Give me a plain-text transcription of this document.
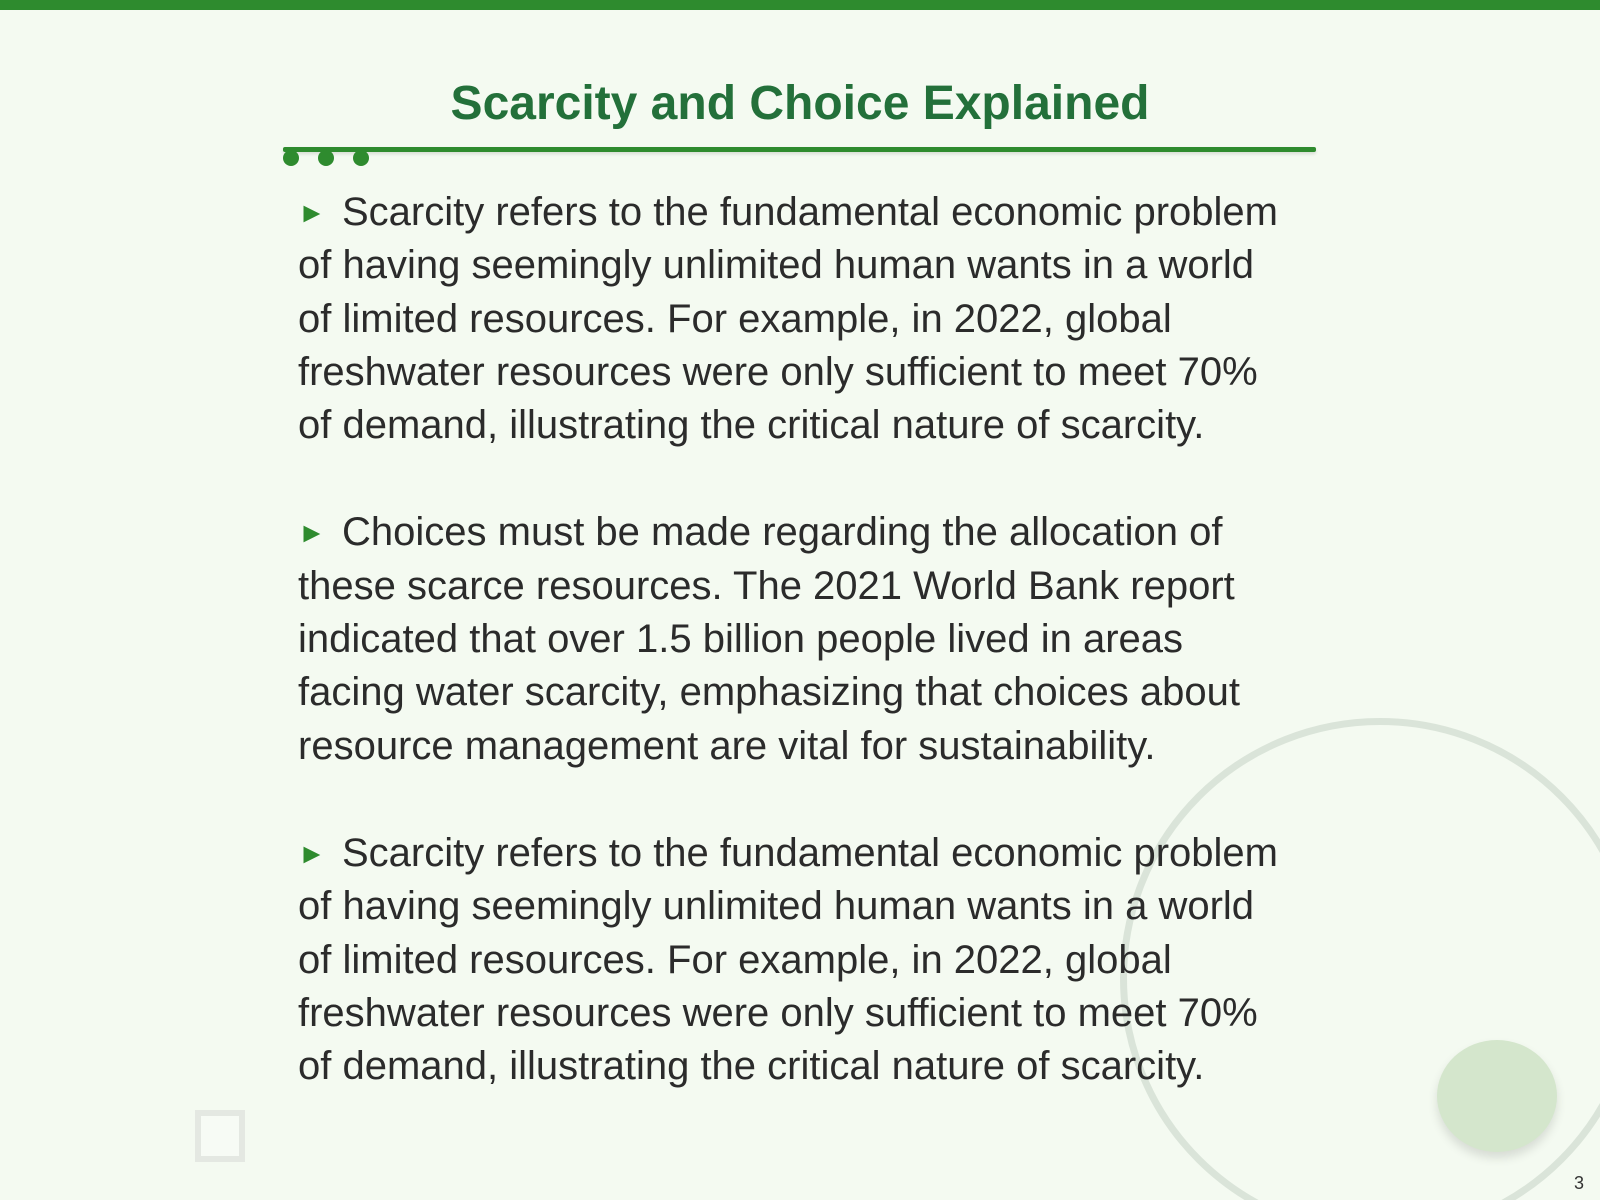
Scarcity and Choice Explained

► Scarcity refers to the fundamental economic problem of having seemingly unlimited human wants in a world of limited resources. For example, in 2022, global freshwater resources were only sufficient to meet 70% of demand, illustrating the critical nature of scarcity.

► Choices must be made regarding the allocation of these scarce resources. The 2021 World Bank report indicated that over 1.5 billion people lived in areas facing water scarcity, emphasizing that choices about resource management are vital for sustainability.

► Scarcity refers to the fundamental economic problem of having seemingly unlimited human wants in a world of limited resources. For example, in 2022, global freshwater resources were only sufficient to meet 70% of demand, illustrating the critical nature of scarcity.

3
